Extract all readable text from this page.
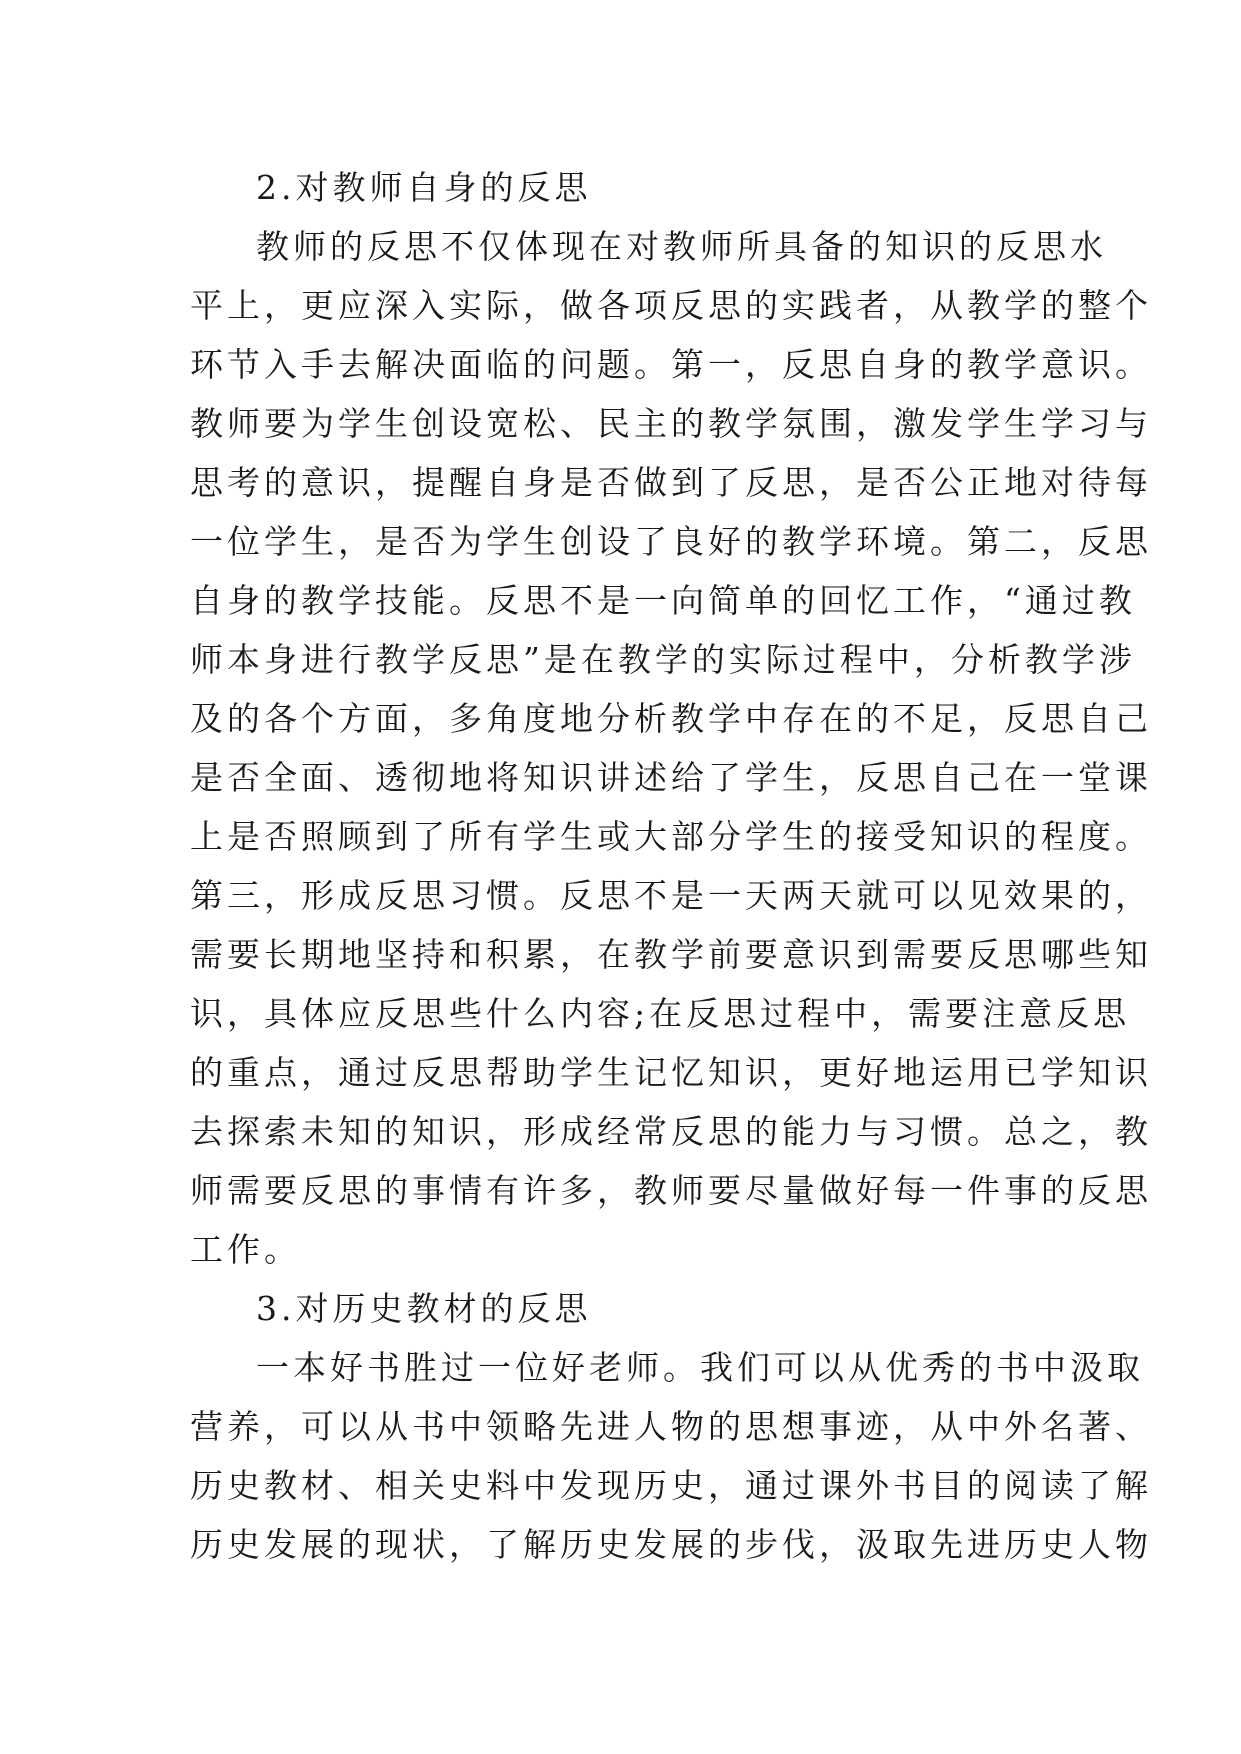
2.对教师自身的反思
教师的反思不仅体现在对教师所具备的知识的反思水
平上，更应深入实际，做各项反思的实践者，从教学的整个
环节入手去解决面临的问题。第一，反思自身的教学意识。
教师要为学生创设宽松、民主的教学氛围，激发学生学习与
思考的意识，提醒自身是否做到了反思，是否公正地对待每
一位学生，是否为学生创设了良好的教学环境。第二，反思
自身的教学技能。反思不是一向简单的回忆工作，“通过教
师本身进行教学反思”是在教学的实际过程中，分析教学涉
及的各个方面，多角度地分析教学中存在的不足，反思自己
是否全面、透彻地将知识讲述给了学生，反思自己在一堂课
上是否照顾到了所有学生或大部分学生的接受知识的程度。
第三，形成反思习惯。反思不是一天两天就可以见效果的，
需要长期地坚持和积累，在教学前要意识到需要反思哪些知
识，具体应反思些什么内容;在反思过程中，需要注意反思
的重点，通过反思帮助学生记忆知识，更好地运用已学知识
去探索未知的知识，形成经常反思的能力与习惯。总之，教
师需要反思的事情有许多，教师要尽量做好每一件事的反思
工作。
3.对历史教材的反思
一本好书胜过一位好老师。我们可以从优秀的书中汲取
营养，可以从书中领略先进人物的思想事迹，从中外名著、
历史教材、相关史料中发现历史，通过课外书目的阅读了解
历史发展的现状，了解历史发展的步伐，汲取先进历史人物
